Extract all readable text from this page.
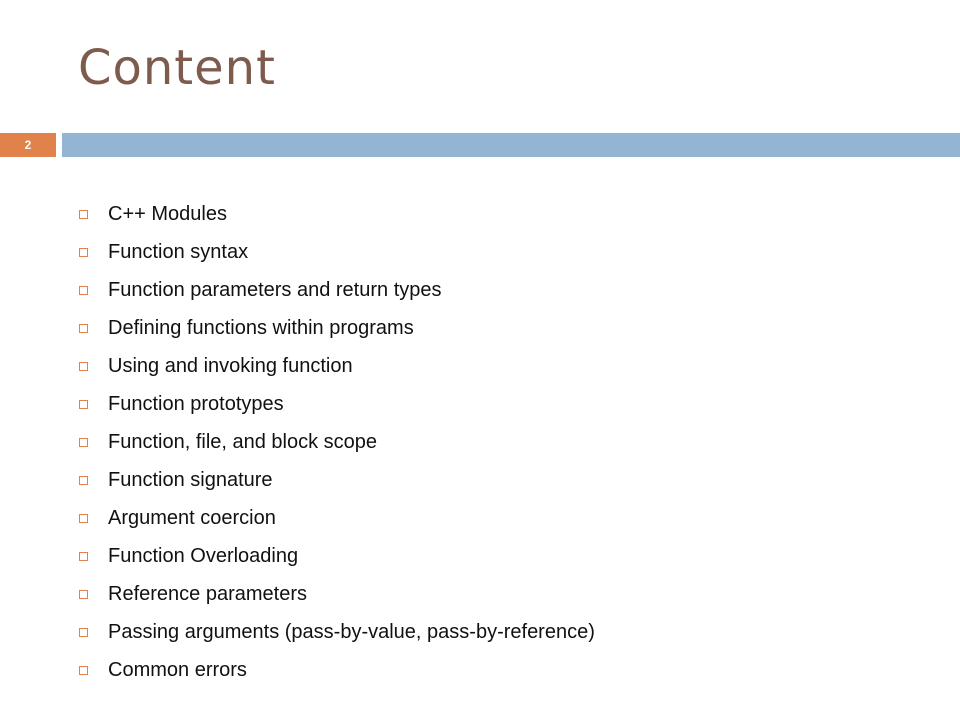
Content
2
C++ Modules
Function syntax
Function parameters and return types
Defining functions within programs
Using and invoking function
Function prototypes
Function, file, and block scope
Function signature
Argument coercion
Function Overloading
Reference parameters
Passing arguments (pass-by-value, pass-by-reference)
Common errors
